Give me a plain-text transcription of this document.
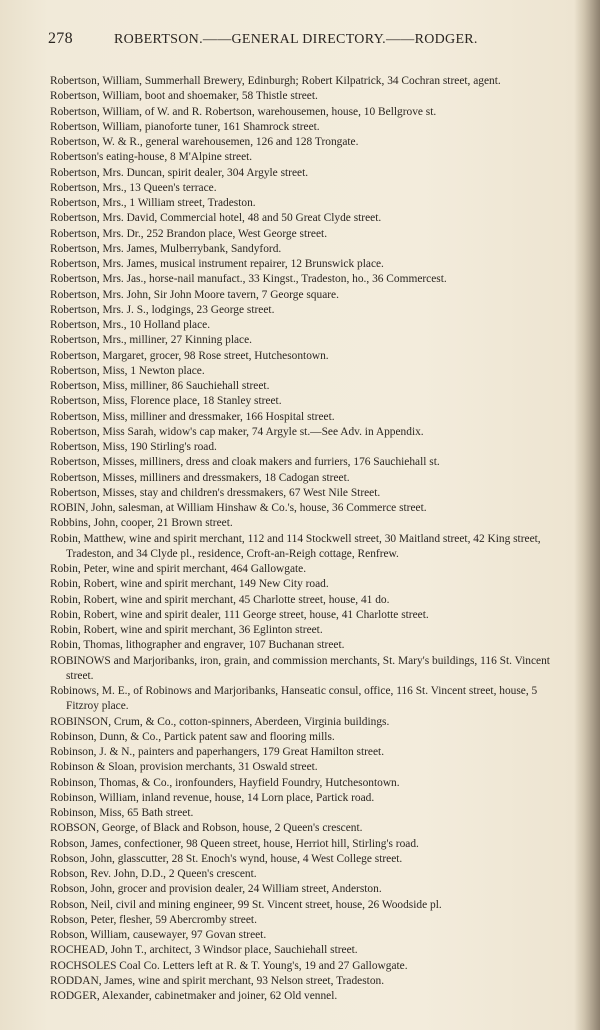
278	ROBERTSON.——GENERAL DIRECTORY.——RODGER.
Robertson, William, Summerhall Brewery, Edinburgh; Robert Kilpatrick, 34 Cochran street, agent.
Robertson, William, boot and shoemaker, 58 Thistle street.
Robertson, William, of W. and R. Robertson, warehousemen, house, 10 Bellgrove st.
Robertson, William, pianoforte tuner, 161 Shamrock street.
Robertson, W. & R., general warehousemen, 126 and 128 Trongate.
Robertson's eating-house, 8 M'Alpine street.
Robertson, Mrs. Duncan, spirit dealer, 304 Argyle street.
Robertson, Mrs., 13 Queen's terrace.
Robertson, Mrs., 1 William street, Tradeston.
Robertson, Mrs. David, Commercial hotel, 48 and 50 Great Clyde street.
Robertson, Mrs. Dr., 252 Brandon place, West George street.
Robertson, Mrs. James, Mulberrybank, Sandyford.
Robertson, Mrs. James, musical instrument repairer, 12 Brunswick place.
Robertson, Mrs. Jas., horse-nail manufact., 33 Kingst., Tradeston, ho., 36 Commercest.
Robertson, Mrs. John, Sir John Moore tavern, 7 George square.
Robertson, Mrs. J. S., lodgings, 23 George street.
Robertson, Mrs., 10 Holland place.
Robertson, Mrs., milliner, 27 Kinning place.
Robertson, Margaret, grocer, 98 Rose street, Hutchesontown.
Robertson, Miss, 1 Newton place.
Robertson, Miss, milliner, 86 Sauchiehall street.
Robertson, Miss, Florence place, 18 Stanley street.
Robertson, Miss, milliner and dressmaker, 166 Hospital street.
Robertson, Miss Sarah, widow's cap maker, 74 Argyle st.—See Adv. in Appendix.
Robertson, Miss, 190 Stirling's road.
Robertson, Misses, milliners, dress and cloak makers and furriers, 176 Sauchiehall st.
Robertson, Misses, milliners and dressmakers, 18 Cadogan street.
Robertson, Misses, stay and children's dressmakers, 67 West Nile Street.
ROBIN, John, salesman, at William Hinshaw & Co.'s, house, 36 Commerce street.
Robbins, John, cooper, 21 Brown street.
Robin, Matthew, wine and spirit merchant, 112 and 114 Stockwell street, 30 Maitland street, 42 King street, Tradeston, and 34 Clyde pl., residence, Croft-an-Reigh cottage, Renfrew.
Robin, Peter, wine and spirit merchant, 464 Gallowgate.
Robin, Robert, wine and spirit merchant, 149 New City road.
Robin, Robert, wine and spirit merchant, 45 Charlotte street, house, 41 do.
Robin, Robert, wine and spirit dealer, 111 George street, house, 41 Charlotte street.
Robin, Robert, wine and spirit merchant, 36 Eglinton street.
Robin, Thomas, lithographer and engraver, 107 Buchanan street.
ROBINOWS and Marjoribanks, iron, grain, and commission merchants, St. Mary's buildings, 116 St. Vincent street.
Robinows, M. E., of Robinows and Marjoribanks, Hanseatic consul, office, 116 St. Vincent street, house, 5 Fitzroy place.
ROBINSON, Crum, & Co., cotton-spinners, Aberdeen, Virginia buildings.
Robinson, Dunn, & Co., Partick patent saw and flooring mills.
Robinson, J. & N., painters and paperhangers, 179 Great Hamilton street.
Robinson & Sloan, provision merchants, 31 Oswald street.
Robinson, Thomas, & Co., ironfounders, Hayfield Foundry, Hutchesontown.
Robinson, William, inland revenue, house, 14 Lorn place, Partick road.
Robinson, Miss, 65 Bath street.
ROBSON, George, of Black and Robson, house, 2 Queen's crescent.
Robson, James, confectioner, 98 Queen street, house, Herriot hill, Stirling's road.
Robson, John, glasscutter, 28 St. Enoch's wynd, house, 4 West College street.
Robson, Rev. John, D.D., 2 Queen's crescent.
Robson, John, grocer and provision dealer, 24 William street, Anderston.
Robson, Neil, civil and mining engineer, 99 St. Vincent street, house, 26 Woodside pl.
Robson, Peter, flesher, 59 Abercromby street.
Robson, William, causewayer, 97 Govan street.
ROCHEAD, John T., architect, 3 Windsor place, Sauchiehall street.
ROCHSOLES Coal Co. Letters left at R. & T. Young's, 19 and 27 Gallowgate.
RODDAN, James, wine and spirit merchant, 93 Nelson street, Tradeston.
RODGER, Alexander, cabinetmaker and joiner, 62 Old vennel.
